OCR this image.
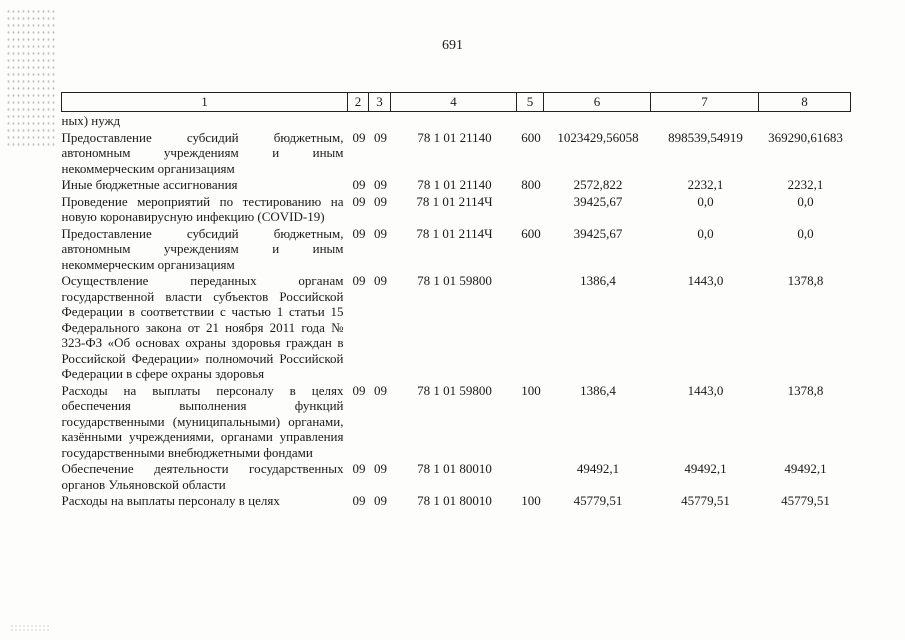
691
1	2	3	4	5	6	7	8
ных) нужд							
Предоставление субсидий бюджетным, автономным учреждениям и иным некоммерческим организациям	09	09	78 1 01 21140	600	1023429,56058	898539,54919	369290,61683
Иные бюджетные ассигнования	09	09	78 1 01 21140	800	2572,822	2232,1	2232,1
Проведение мероприятий по тестированию на новую коронавирусную инфекцию (COVID-19)	09	09	78 1 01 2114Ч		39425,67	0,0	0,0
Предоставление субсидий бюджетным, автономным учреждениям и иным некоммерческим организациям	09	09	78 1 01 2114Ч	600	39425,67	0,0	0,0
Осуществление переданных органам государственной власти субъектов Российской Федерации в соответствии с частью 1 статьи 15 Федерального закона от 21 ноября 2011 года № 323-ФЗ «Об основах охраны здоровья граждан в Российской Федерации» полномочий Российской Федерации в сфере охраны здоровья	09	09	78 1 01 59800		1386,4	1443,0	1378,8
Расходы на выплаты персоналу в целях обеспечения выполнения функций государственными (муниципальными) органами, казёнными учреждениями, органами управления государственными внебюджетными фондами	09	09	78 1 01 59800	100	1386,4	1443,0	1378,8
Обеспечение деятельности государственных органов Ульяновской области	09	09	78 1 01 80010		49492,1	49492,1	49492,1
Расходы на выплаты персоналу в целях	09	09	78 1 01 80010	100	45779,51	45779,51	45779,51
